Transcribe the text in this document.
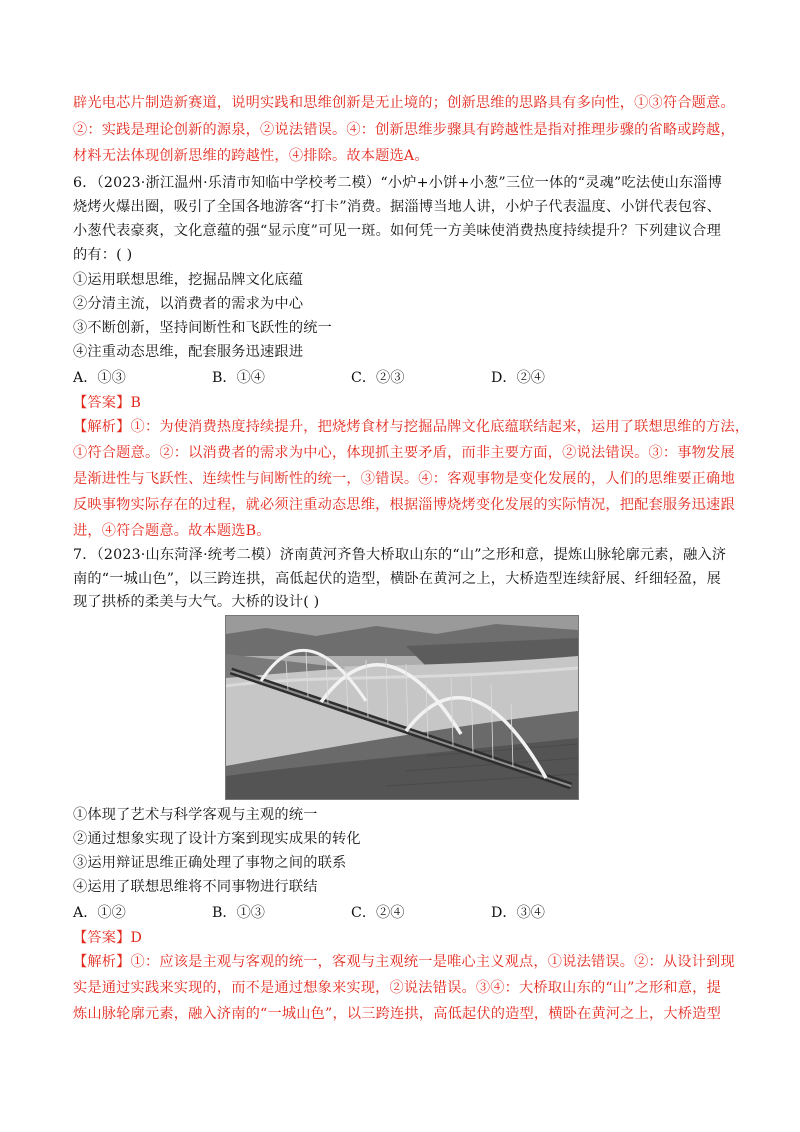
辟光电芯片制造新赛道，说明实践和思维创新是无止境的；创新思维的思路具有多向性，①③符合题意。
②：实践是理论创新的源泉，②说法错误。④：创新思维步骤具有跨越性是指对推理步骤的省略或跨越，
材料无法体现创新思维的跨越性，④排除。故本题选A。
6．（2023·浙江温州·乐清市知临中学校考二模）“小炉+小饼+小葱”三位一体的“灵魂”吃法使山东淄博
烧烤火爆出圈，吸引了全国各地游客“打卡”消费。据淄博当地人讲，小炉子代表温度、小饼代表包容、
小葱代表豪爽，文化意蕴的强“显示度”可见一斑。如何凭一方美味使消费热度持续提升？下列建议合理
的有：( )
①运用联想思维，挖掘品牌文化底蕴
②分清主流，以消费者的需求为中心
③不断创新，坚持间断性和飞跃性的统一
④注重动态思维，配套服务迅速跟进
A．①③	B．①④	C．②③	D．②④
【答案】B
【解析】①：为使消费热度持续提升，把烧烤食材与挖掘品牌文化底蕴联结起来，运用了联想思维的方法，
①符合题意。②：以消费者的需求为中心，体现抓主要矛盾，而非主要方面，②说法错误。③：事物发展
是渐进性与飞跃性、连续性与间断性的统一，③错误。④：客观事物是变化发展的，人们的思维要正确地
反映事物实际存在的过程，就必须注重动态思维，根据淄博烧烤变化发展的实际情况，把配套服务迅速跟
进，④符合题意。故本题选B。
7．（2023·山东菏泽·统考二模）济南黄河齐鲁大桥取山东的“山”之形和意，提炼山脉轮廓元素，融入济
南的“一城山色”，以三跨连拱，高低起伏的造型，横卧在黄河之上，大桥造型连续舒展、纤细轻盈，展
现了拱桥的柔美与大气。大桥的设计( )
①体现了艺术与科学客观与主观的统一
②通过想象实现了设计方案到现实成果的转化
③运用辩证思维正确处理了事物之间的联系
④运用了联想思维将不同事物进行联结
A．①②	B．①③	C．②④	D．③④
【答案】D
【解析】①：应该是主观与客观的统一，客观与主观统一是唯心主义观点，①说法错误。②：从设计到现
实是通过实践来实现的，而不是通过想象来实现，②说法错误。③④：大桥取山东的“山”之形和意，提
炼山脉轮廓元素，融入济南的“一城山色”，以三跨连拱，高低起伏的造型，横卧在黄河之上，大桥造型
